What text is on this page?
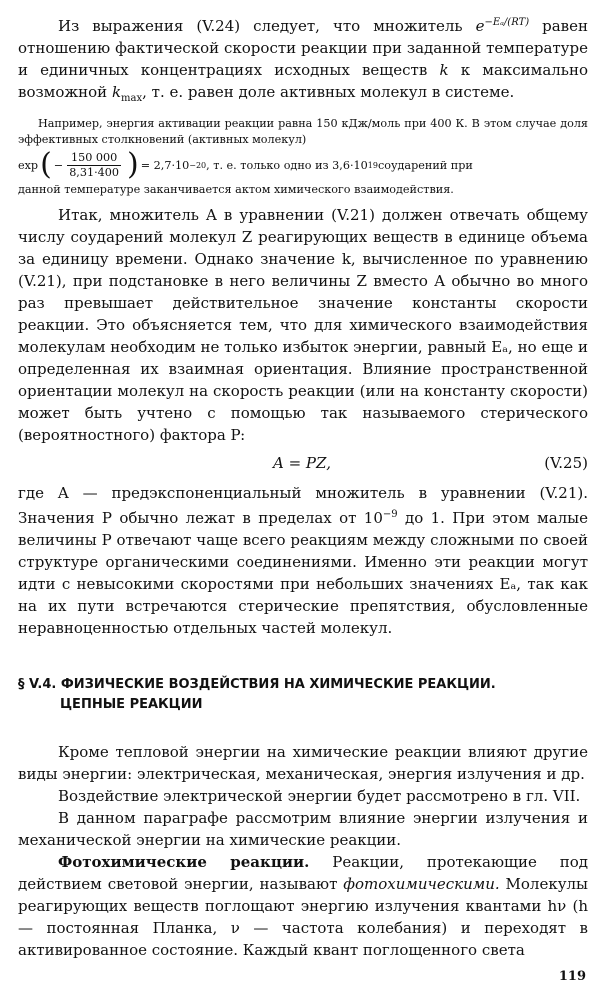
Из выражения (V.24) следует, что множитель $e^{-E_a/(RT)}$ равен отношению фактической скорости реакции при заданной температуре и единичных концентрациях исходных веществ k к максимально возможной $k_{max}$, т. е. равен доле активных молекул в системе.

Например, энергия активации реакции равна 150 кДж/моль при 400 К. В этом случае доля эффективных столкновений (активных молекул)

exp ( − $\frac{150 000}{8,31\cdot 400}$ ) = 2,7·10 −20 , т. е. только одно из 3,6·10 19 соударений при

данной температуре заканчивается актом химического взаимодействия.

Итак, множитель A в уравнении (V.21) должен отвечать общему числу соударений молекул Z реагирующих веществ в единице объема за единицу времени. Однако значение k, вычисленное по уравнению (V.21), при подстановке в него величины Z вместо A обычно во много раз превышает действительное значение константы скорости реакции. Это объясняется тем, что для химического взаимодействия молекулам необходим не только избыток энергии, равный Eₐ, но еще и определенная их взаимная ориентация. Влияние пространственной ориентации молекул на скорость реакции (или на константу скорости) может быть учтено с помощью так называемого стерического (вероятностного) фактора P:

A = PZ,	(V.25)

где A — предэкспоненциальный множитель в уравнении (V.21). Значения P обычно лежат в пределах от $10^{-9}$ до 1. При этом малые величины P отвечают чаще всего реакциям между сложными по своей структуре органическими соединениями. Именно эти реакции могут идти с невысокими скоростями при небольших значениях Eₐ, так как на их пути встречаются стерические препятствия, обусловленные неравноценностью отдельных частей молекул.

§ V.4. ФИЗИЧЕСКИЕ ВОЗДЕЙСТВИЯ НА ХИМИЧЕСКИЕ РЕАКЦИИ.
ЦЕПНЫЕ РЕАКЦИИ

Кроме тепловой энергии на химические реакции влияют другие виды энергии: электрическая, механическая, энергия излучения и др.

Воздействие электрической энергии будет рассмотрено в гл. VII.

В данном параграфе рассмотрим влияние энергии излучения и механической энергии на химические реакции.

Фотохимические реакции. Реакции, протекающие под действием световой энергии, называют фотохимическими. Молекулы реагирующих веществ поглощают энергию излучения квантами hν (h — постоянная Планка, ν — частота колебания) и переходят в активированное состояние. Каждый квант поглощенного света

119
